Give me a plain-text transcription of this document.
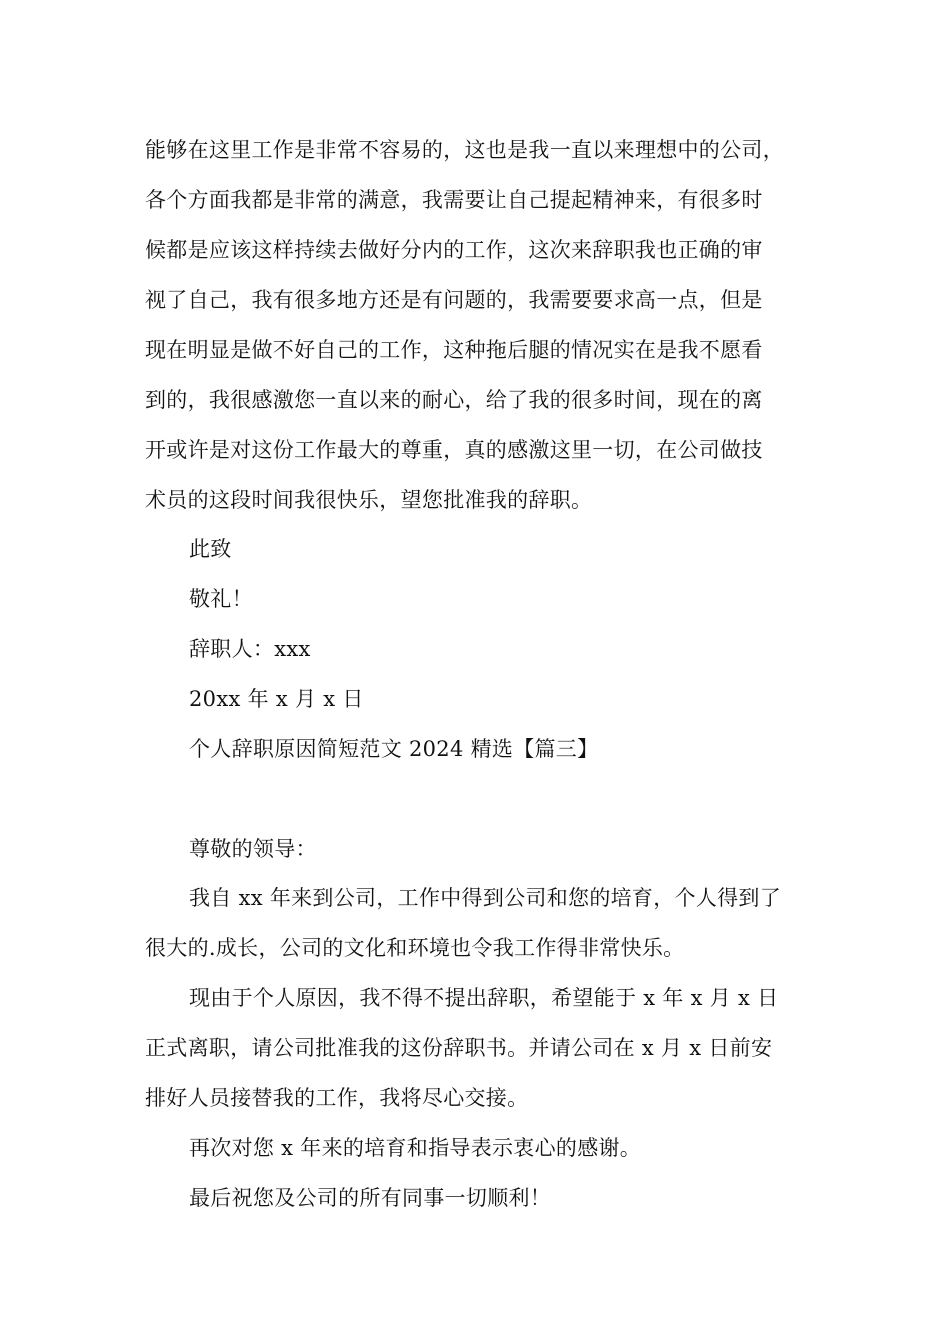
能够在这里工作是非常不容易的，这也是我一直以来理想中的公司，
各个方面我都是非常的满意，我需要让自己提起精神来，有很多时
候都是应该这样持续去做好分内的工作，这次来辞职我也正确的审
视了自己，我有很多地方还是有问题的，我需要要求高一点，但是
现在明显是做不好自己的工作，这种拖后腿的情况实在是我不愿看
到的，我很感激您一直以来的耐心，给了我的很多时间，现在的离
开或许是对这份工作最大的尊重，真的感激这里一切，在公司做技
术员的这段时间我很快乐，望您批准我的辞职。
此致
敬礼！
辞职人：xxx
20xx 年 x 月 x 日
个人辞职原因简短范文 2024 精选【篇三】
尊敬的领导：
我自 xx 年来到公司，工作中得到公司和您的培育，个人得到了
很大的.成长，公司的文化和环境也令我工作得非常快乐。
现由于个人原因，我不得不提出辞职，希望能于 x 年 x 月 x 日
正式离职，请公司批准我的这份辞职书。并请公司在 x 月 x 日前安
排好人员接替我的工作，我将尽心交接。
再次对您 x 年来的培育和指导表示衷心的感谢。
最后祝您及公司的所有同事一切顺利！
